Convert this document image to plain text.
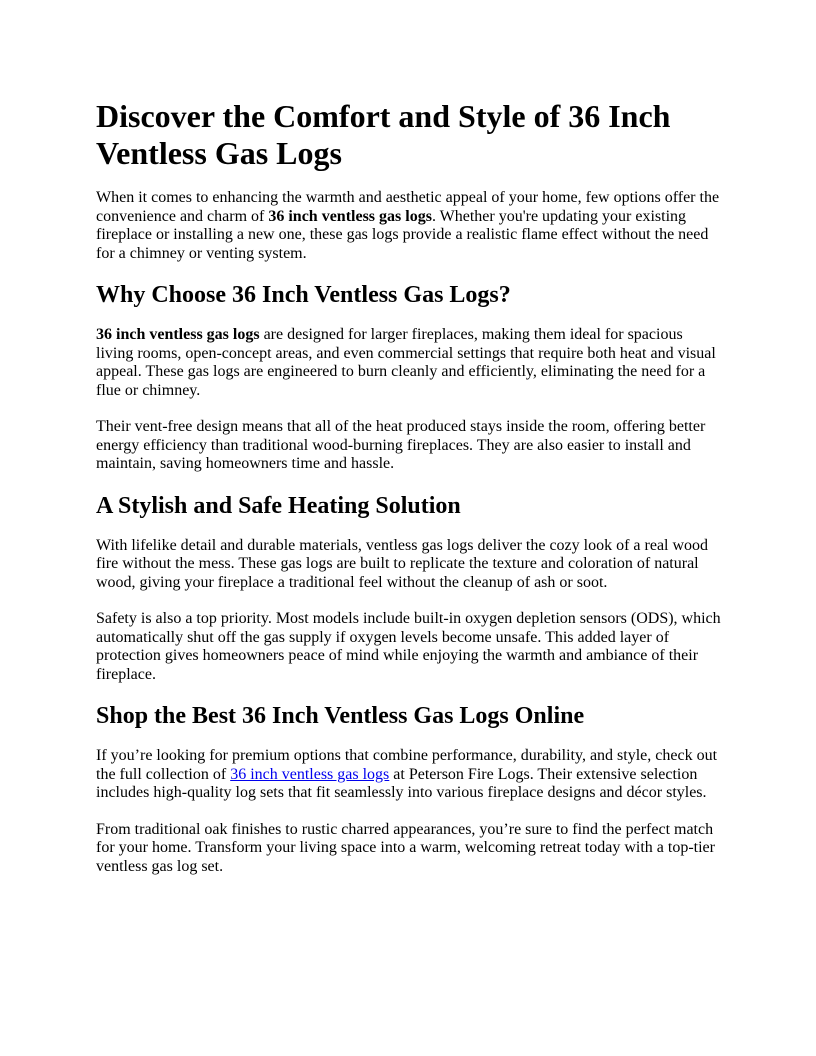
Discover the Comfort and Style of 36 Inch Ventless Gas Logs

When it comes to enhancing the warmth and aesthetic appeal of your home, few options offer the convenience and charm of 36 inch ventless gas logs. Whether you're updating your existing fireplace or installing a new one, these gas logs provide a realistic flame effect without the need for a chimney or venting system.

Why Choose 36 Inch Ventless Gas Logs?

36 inch ventless gas logs are designed for larger fireplaces, making them ideal for spacious living rooms, open-concept areas, and even commercial settings that require both heat and visual appeal. These gas logs are engineered to burn cleanly and efficiently, eliminating the need for a flue or chimney.

Their vent-free design means that all of the heat produced stays inside the room, offering better energy efficiency than traditional wood-burning fireplaces. They are also easier to install and maintain, saving homeowners time and hassle.

A Stylish and Safe Heating Solution

With lifelike detail and durable materials, ventless gas logs deliver the cozy look of a real wood fire without the mess. These gas logs are built to replicate the texture and coloration of natural wood, giving your fireplace a traditional feel without the cleanup of ash or soot.

Safety is also a top priority. Most models include built-in oxygen depletion sensors (ODS), which automatically shut off the gas supply if oxygen levels become unsafe. This added layer of protection gives homeowners peace of mind while enjoying the warmth and ambiance of their fireplace.

Shop the Best 36 Inch Ventless Gas Logs Online

If you’re looking for premium options that combine performance, durability, and style, check out the full collection of 36 inch ventless gas logs at Peterson Fire Logs. Their extensive selection includes high-quality log sets that fit seamlessly into various fireplace designs and décor styles.

From traditional oak finishes to rustic charred appearances, you’re sure to find the perfect match for your home. Transform your living space into a warm, welcoming retreat today with a top-tier ventless gas log set.
